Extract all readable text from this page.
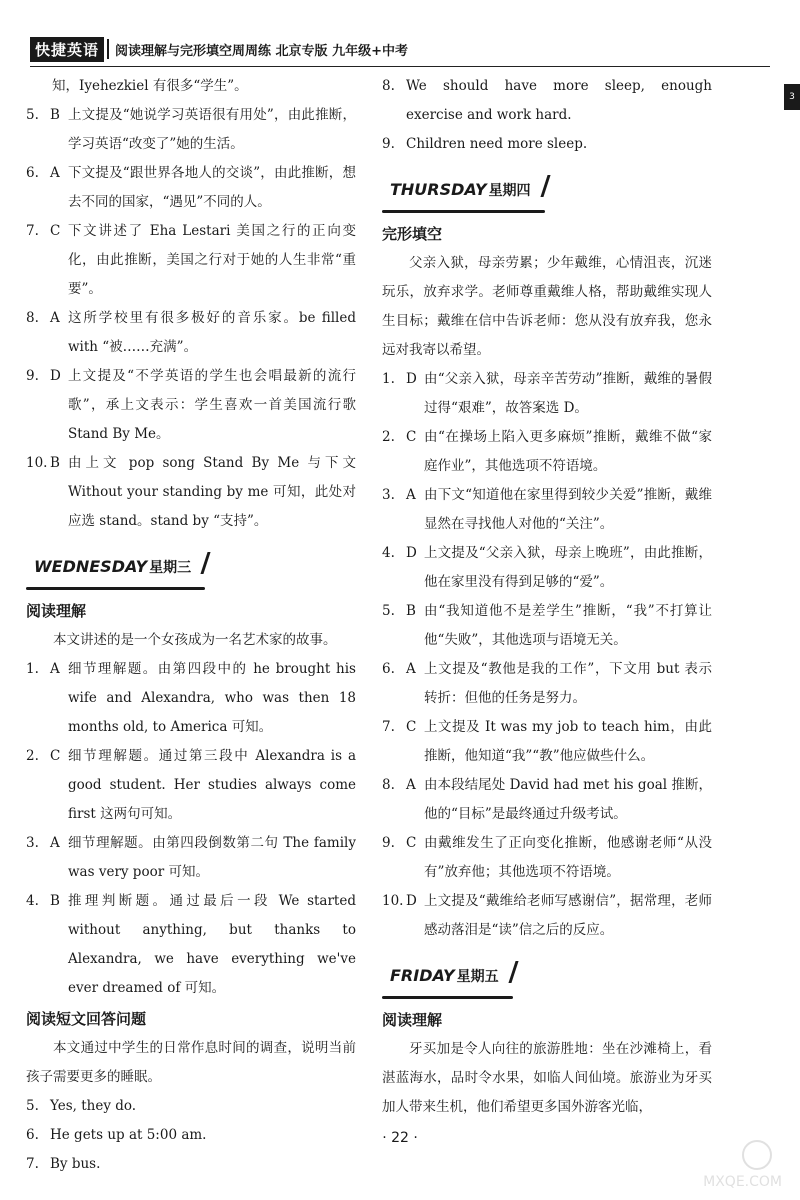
快捷英语	阅读理解与完形填空周周练 北京专版 九年级+中考
3
知，Iyehezkiel 有很多“学生”。
5. B 上文提及“她说学习英语很有用处”，由此推断，学习英语“改变了”她的生活。
6. A 下文提及“跟世界各地人的交谈”，由此推断，想去不同的国家，“遇见”不同的人。
7. C 下文讲述了 Eha Lestari 美国之行的正向变化，由此推断，美国之行对于她的人生非常“重要”。
8. A 这所学校里有很多极好的音乐家。be filled with “被……充满”。
9. D 上文提及“不学英语的学生也会唱最新的流行歌”，承上文表示：学生喜欢一首美国流行歌 Stand By Me。
10. B 由上文 pop song Stand By Me 与下文 Without your standing by me 可知，此处对应选 stand。stand by “支持”。
WEDNESDAY 星期三
阅读理解
本文讲述的是一个女孩成为一名艺术家的故事。
1. A 细节理解题。由第四段中的 he brought his wife and Alexandra, who was then 18 months old, to America 可知。
2. C 细节理解题。通过第三段中 Alexandra is a good student. Her studies always come first 这两句可知。
3. A 细节理解题。由第四段倒数第二句 The family was very poor 可知。
4. B 推理判断题。通过最后一段 We started without anything, but thanks to Alexandra, we have everything we've ever dreamed of 可知。
阅读短文回答问题
本文通过中学生的日常作息时间的调查，说明当前孩子需要更多的睡眠。
5. Yes, they do.
6. He gets up at 5:00 am.
7. By bus.
8. We should have more sleep, enough exercise and work hard.
9. Children need more sleep.
THURSDAY 星期四
完形填空
父亲入狱，母亲劳累；少年戴维，心情沮丧，沉迷玩乐，放弃求学。老师尊重戴维人格，帮助戴维实现人生目标；戴维在信中告诉老师：您从没有放弃我，您永远对我寄以希望。
1. D 由“父亲入狱，母亲辛苦劳动”推断，戴维的暑假过得“艰难”，故答案选 D。
2. C 由“在操场上陷入更多麻烦”推断，戴维不做“家庭作业”，其他选项不符语境。
3. A 由下文“知道他在家里得到较少关爱”推断，戴维显然在寻找他人对他的“关注”。
4. D 上文提及“父亲入狱，母亲上晚班”，由此推断，他在家里没有得到足够的“爱”。
5. B 由“我知道他不是差学生”推断，“我”不打算让他“失败”，其他选项与语境无关。
6. A 上文提及“教他是我的工作”，下文用 but 表示转折：但他的任务是努力。
7. C 上文提及 It was my job to teach him，由此推断，他知道“我”“教”他应做些什么。
8. A 由本段结尾处 David had met his goal 推断，他的“目标”是最终通过升级考试。
9. C 由戴维发生了正向变化推断，他感谢老师“从没有”放弃他；其他选项不符语境。
10. D 上文提及“戴维给老师写感谢信”，据常理，老师感动落泪是“读”信之后的反应。
FRIDAY 星期五
阅读理解
牙买加是令人向往的旅游胜地：坐在沙滩椅上，看湛蓝海水，品时令水果，如临人间仙境。旅游业为牙买加人带来生机，他们希望更多国外游客光临，
· 22 ·
MXQE.COM
